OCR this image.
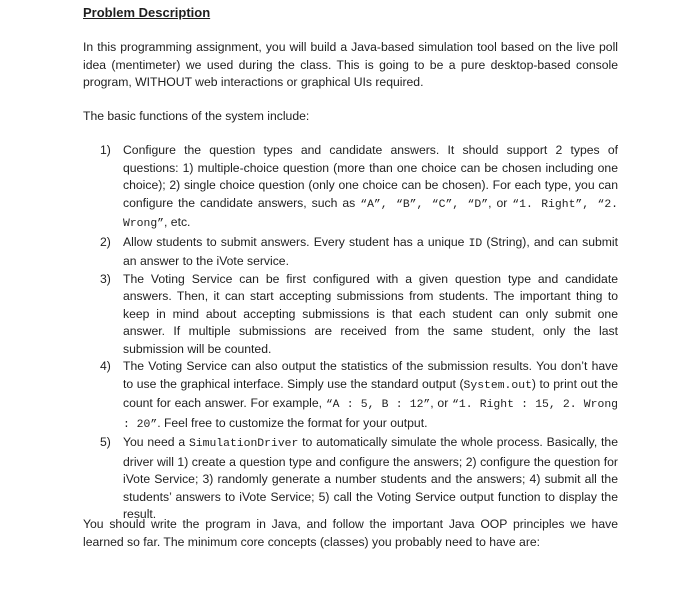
Problem Description

In this programming assignment, you will build a Java-based simulation tool based on the live poll idea (mentimeter) we used during the class. This is going to be a pure desktop-based console program, WITHOUT web interactions or graphical UIs required.

The basic functions of the system include:

1) Configure the question types and candidate answers. It should support 2 types of questions: 1) multiple-choice question (more than one choice can be chosen including one choice); 2) single choice question (only one choice can be chosen). For each type, you can configure the candidate answers, such as “A”, “B”, “C”, “D”, or “1. Right”, “2. Wrong”, etc.
2) Allow students to submit answers. Every student has a unique ID (String), and can submit an answer to the iVote service.
3) The Voting Service can be first configured with a given question type and candidate answers. Then, it can start accepting submissions from students. The important thing to keep in mind about accepting submissions is that each student can only submit one answer. If multiple submissions are received from the same student, only the last submission will be counted.
4) The Voting Service can also output the statistics of the submission results. You don’t have to use the graphical interface. Simply use the standard output (System.out) to print out the count for each answer. For example, “A : 5, B : 12”, or “1. Right : 15, 2. Wrong : 20”. Feel free to customize the format for your output.
5) You need a SimulationDriver to automatically simulate the whole process. Basically, the driver will 1) create a question type and configure the answers; 2) configure the question for iVote Service; 3) randomly generate a number students and the answers; 4) submit all the students’ answers to iVote Service; 5) call the Voting Service output function to display the result.

You should write the program in Java, and follow the important Java OOP principles we have learned so far. The minimum core concepts (classes) you probably need to have are:
